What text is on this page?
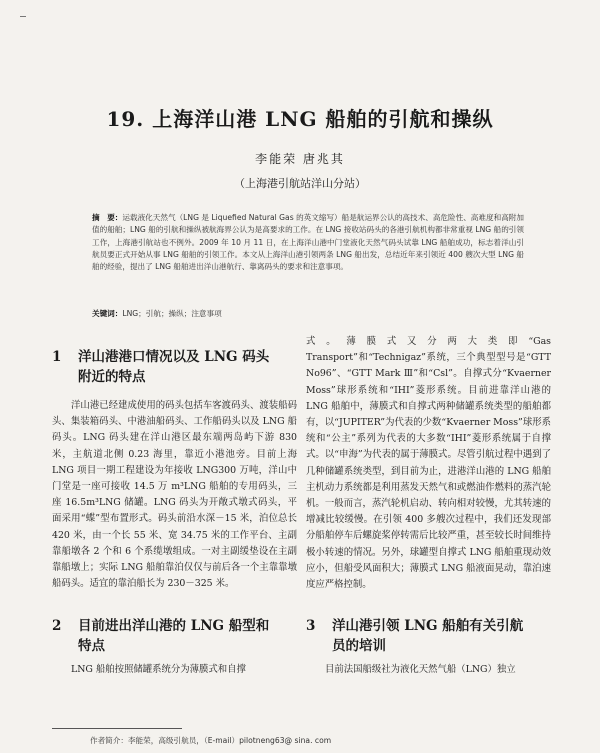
19. 上海洋山港 LNG 船舶的引航和操纵
李能荣 唐兆其
（上海港引航站洋山分站）
摘　要：运载液化天然气（LNG 是 Liquefied Natural Gas 的英文缩写）船是航运界公认的高技术、高危险性、高难度和高附加值的船舶；LNG 船的引航和操纵被航海界公认为是高要求的工作。在 LNG 接收站码头的各港引航机构都非常重视 LNG 船的引领工作，上海港引航站也不例外。2009 年 10 月 11 日，在上海洋山港中门堂液化天然气码头试靠 LNG 船舶成功，标志着洋山引航员要正式开始从事 LNG 船舶的引领工作。本文从上海洋山港引领两条 LNG 船出发，总结近年来引领近 400 艘次大型 LNG 船舶的经验，提出了 LNG 船舶进出洋山港航行、靠离码头的要求和注意事项。
关键词：LNG；引航；操纵；注意事项
1 洋山港港口情况以及 LNG 码头
附近的特点
洋山港已经建成使用的码头包括车客渡码头、渡装船码头、集装箱码头、中港油船码头、工作船码头以及 LNG 船码头。LNG 码头建在洋山港区最东端两岛屿下游 830 米，主航道北侧 0.23 海里，靠近小港池旁。目前上海 LNG 项目一期工程建设为年接收 LNG300 万吨，洋山中门堂是一座可接收 14.5 万 m³LNG 船舶的专用码头，三座 16.5m³LNG 储罐。LNG 码头为开敞式墩式码头，平面采用“蝶”型布置形式。码头前沿水深－15 米，泊位总长 420 米，由一个长 55 米、宽 34.75 米的工作平台、主副靠船墩各 2 个和 6 个系缆墩组成。一对主副缓垫设在主副靠船墩上；实际 LNG 船舶靠泊仅仅与前后各一个主靠靠墩船码头。适宜的靠泊船长为 230－325 米。
2 目前进出洋山港的 LNG 船型和
特点
LNG 船舶按照储罐系统分为薄膜式和自撑
式。薄膜式又分两大类即“Gas Transport”和“Technigaz”系统，三个典型型号是“GTT No96”、“GTT Mark Ⅲ”和“Csl”。自撑式分“Kvaerner Moss”球形系统和“IHI”菱形系统。目前进靠洋山港的 LNG 船舶中，薄膜式和自撑式两种储罐系统类型的船舶都有，以“JUPITER”为代表的少数“Kvaerner Moss”球形系统和“公主”系列为代表的大多数“IHI”菱形系统属于自撑式。以“申海”为代表的属于薄膜式。尽管引航过程中遇到了几种储罐系统类型，到目前为止，进港洋山港的 LNG 船舶主机动力系统都是利用蒸发天然气和或燃油作燃料的蒸汽轮机。一般而言，蒸汽轮机启动、转向相对较慢，尤其转速的增减比较缓慢。在引领 400 多艘次过程中，我们还发现部分船舶停车后螺旋桨停转需后比较严重，甚至较长时间维持极小转速的情况。另外，球罐型自撑式 LNG 船舶重现动效应小，但船受风面积大；薄膜式 LNG 船液面晃动，靠泊速度应严格控制。
3 洋山港引领 LNG 船舶有关引航
员的培训
目前法国船级社为液化天然气船（LNG）独立
作者简介：李能荣，高级引航员，（E-mail）pilotneng63@ sina. com
